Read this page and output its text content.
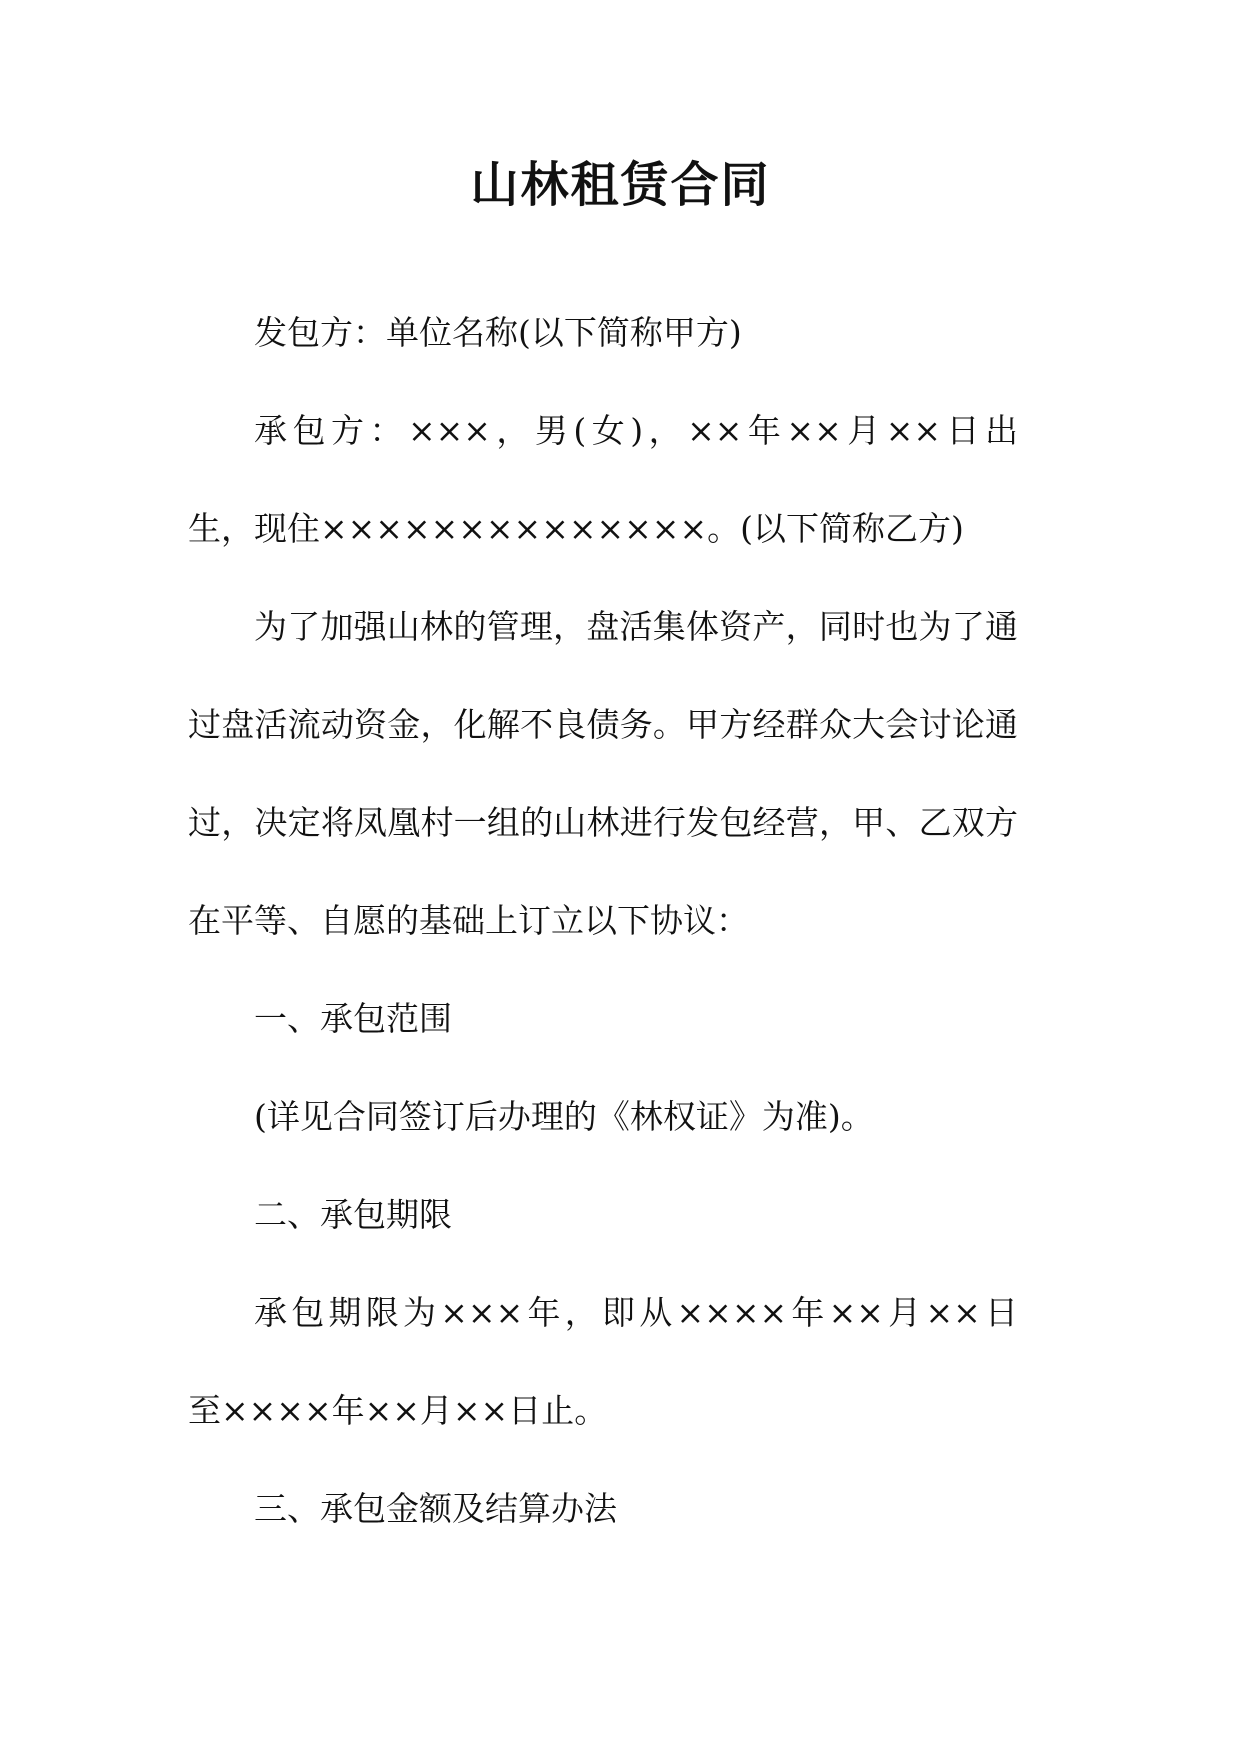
山林租赁合同
发包方：单位名称(以下简称甲方)
承包方：×××，男(女)，××年××月××日出
生，现住××××××××××××××。(以下简称乙方)
为了加强山林的管理，盘活集体资产，同时也为了通
过盘活流动资金，化解不良债务。甲方经群众大会讨论通
过，决定将凤凰村一组的山林进行发包经营，甲、乙双方
在平等、自愿的基础上订立以下协议：
一、承包范围
(详见合同签订后办理的《林权证》为准)。
二、承包期限
承包期限为×××年，即从××××年××月××日
至××××年××月××日止。
三、承包金额及结算办法
